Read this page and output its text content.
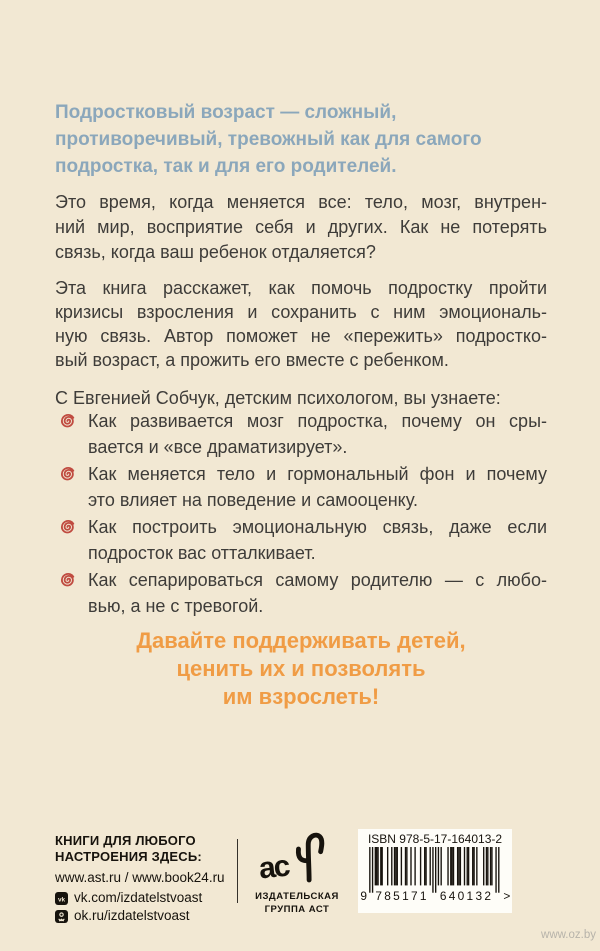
Подростковый возраст — сложный,
противоречивый, тревожный как для самого
подростка, так и для его родителей.
Это время, когда меняется все: тело, мозг, внутрен-
ний мир, восприятие себя и других. Как не потерять
связь, когда ваш ребенок отдаляется?
Эта книга расскажет, как помочь подростку пройти
кризисы взросления и сохранить с ним эмоциональ-
ную связь. Автор поможет не «пережить» подростко-
вый возраст, а прожить его вместе с ребенком.
С Евгенией Собчук, детским психологом, вы узнаете:
Как развивается мозг подростка, почему он сры-
вается и «все драматизирует».
Как меняется тело и гормональный фон и почему
это влияет на поведение и самооценку.
Как построить эмоциональную связь, даже если
подросток вас отталкивает.
Как сепарироваться самому родителю — с любо-
вью, а не с тревогой.
Давайте поддерживать детей,
ценить их и позволять
им взрослеть!
КНИГИ ДЛЯ ЛЮБОГО
НАСТРОЕНИЯ ЗДЕСЬ:
www.ast.ru / www.book24.ru
vk vk.com/izdatelstvoast
ok.ru/izdatelstvoast
ас
ИЗДАТЕЛЬСКАЯ
ГРУППА АСТ
ISBN 978-5-17-164013-2
9 785171 640132 >
www.oz.by
